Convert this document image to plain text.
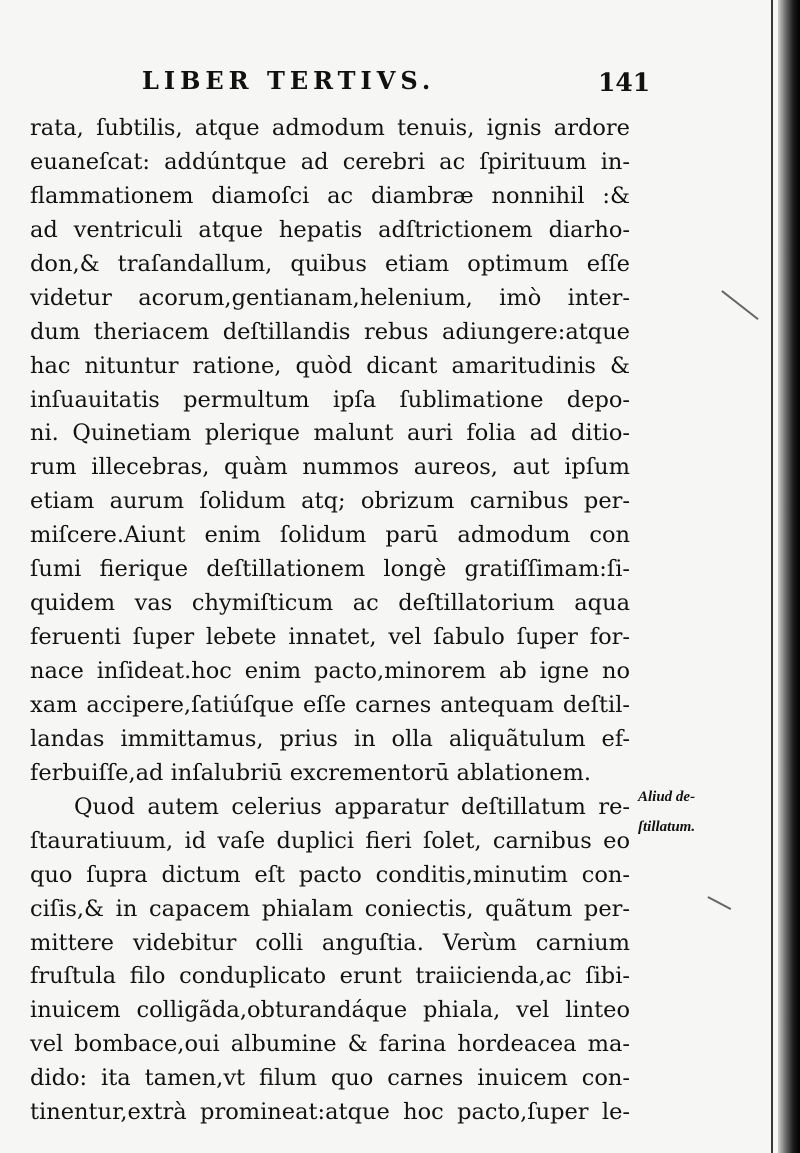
LIBER TERTIVS.	141
rata, ſubtilis, atque admodum tenuis, ignis ardore
euaneſcat: addúntque ad cerebri ac ſpirituum in-
flammationem diamoſci ac diambræ nonnihil :&
ad ventriculi atque hepatis adſtrictionem diarho-
don,& traſandallum, quibus etiam optimum eſſe
videtur acorum,gentianam,helenium, imò inter-
dum theriacem deſtillandis rebus adiungere:atque
hac nituntur ratione, quòd dicant amaritudinis &
inſuauitatis permultum ipſa ſublimatione depo-
ni. Quinetiam plerique malunt auri folia ad ditio-
rum illecebras, quàm nummos aureos, aut ipſum
etiam aurum ſolidum atq; obrizum carnibus per-
miſcere.Aiunt enim ſolidum parū admodum con
ſumi fierique deſtillationem longè gratiſſimam:ſi-
quidem vas chymiſticum ac deſtillatorium aqua
feruenti ſuper lebete innatet, vel ſabulo ſuper for-
nace inſideat.hoc enim pacto,minorem ab igne no
xam accipere,ſatiúſque eſſe carnes antequam deſtil-
landas immittamus, prius in olla aliquãtulum ef-
ferbuiſſe,ad inſalubriū excrementorū ablationem.
Quod autem celerius apparatur deſtillatum re-
ſtauratiuum, id vaſe duplici fieri ſolet, carnibus eo
quo ſupra dictum eſt pacto conditis,minutim con-
ciſis,& in capacem phialam coniectis, quãtum per-
mittere videbitur colli anguſtia. Verùm carnium
fruſtula filo conduplicato erunt traiicienda,ac ſibi-
inuicem colligãda,obturandáque phiala, vel linteo
vel bombace,oui albumine & farina hordeacea ma-
dido: ita tamen,vt filum quo carnes inuicem con-
tinentur,extrà promineat:atque hoc pacto,ſuper le-
Aliud de-
ſtillatum.
